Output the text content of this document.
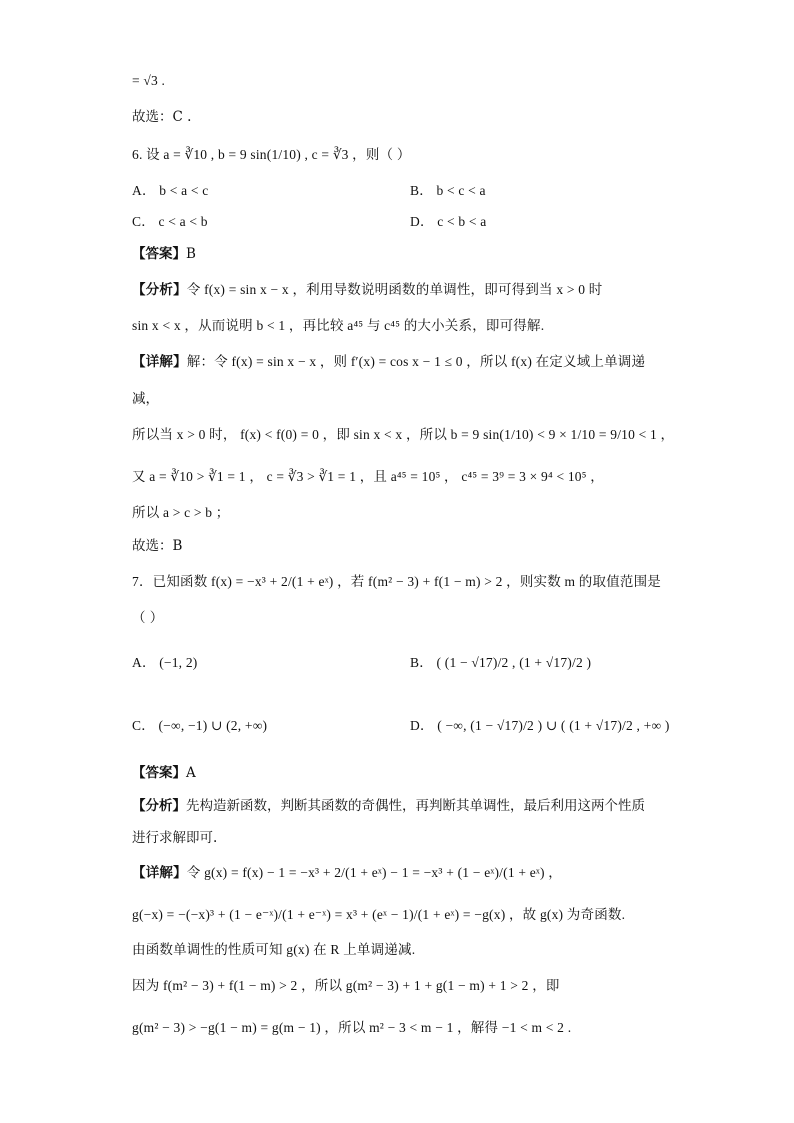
= √3 .
故选：C .
6. 设 a = ∛10 , b = 9 sin(1/10) , c = ∛3 ，则（ ）
A． b < a < c	B． b < c < a
C． c < a < b	D． c < b < a
【答案】B
【分析】令 f(x) = sin x − x ，利用导数说明函数的单调性，即可得到当 x > 0 时
sin x < x ，从而说明 b < 1 ，再比较 a⁴⁵ 与 c⁴⁵ 的大小关系，即可得解.
【详解】解：令 f(x) = sin x − x ，则 f′(x) = cos x − 1 ≤ 0 ，所以 f(x) 在定义域上单调递
减，
所以当 x > 0 时， f(x) < f(0) = 0 ，即 sin x < x ，所以 b = 9 sin(1/10) < 9 × 1/10 = 9/10 < 1 ，
又 a = ∛10 > ∛1 = 1 ， c = ∛3 > ∛1 = 1 ，且 a⁴⁵ = 10⁵ ， c⁴⁵ = 3⁹ = 3 × 9⁴ < 10⁵ ，
所以 a > c > b ；
故选：B
7．已知函数 f(x) = −x³ + 2/(1 + eˣ) ，若 f(m² − 3) + f(1 − m) > 2 ，则实数 m 的取值范围是
（ ）
A． (−1, 2)	B． ( (1 − √17)/2 , (1 + √17)/2 )
C． (−∞, −1) ∪ (2, +∞)	D． ( −∞, (1 − √17)/2 ) ∪ ( (1 + √17)/2 , +∞ )
【答案】A
【分析】先构造新函数，判断其函数的奇偶性，再判断其单调性，最后利用这两个性质
进行求解即可.
【详解】令 g(x) = f(x) − 1 = −x³ + 2/(1 + eˣ) − 1 = −x³ + (1 − eˣ)/(1 + eˣ) ，
g(−x) = −(−x)³ + (1 − e⁻ˣ)/(1 + e⁻ˣ) = x³ + (eˣ − 1)/(1 + eˣ) = −g(x) ，故 g(x) 为奇函数.
由函数单调性的性质可知 g(x) 在 R 上单调递减.
因为 f(m² − 3) + f(1 − m) > 2 ，所以 g(m² − 3) + 1 + g(1 − m) + 1 > 2 ，即
g(m² − 3) > −g(1 − m) = g(m − 1) ，所以 m² − 3 < m − 1 ，解得 −1 < m < 2 .
